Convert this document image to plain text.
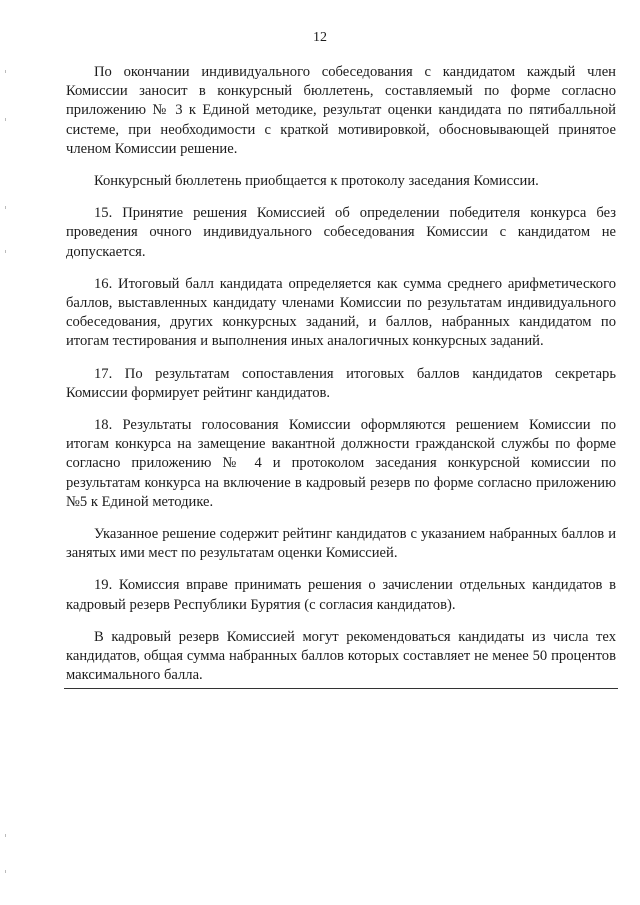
12

По окончании индивидуального собеседования с кандидатом каждый член Комиссии заносит в конкурсный бюллетень, составляемый по форме согласно приложению № 3 к Единой методике, результат оценки кандидата по пятибалльной системе, при необходимости с краткой мотивировкой, обосновывающей принятое членом Комиссии решение.

Конкурсный бюллетень приобщается к протоколу заседания Комиссии.

15. Принятие решения Комиссией об определении победителя конкурса без проведения очного индивидуального собеседования Комиссии с кандидатом не допускается.

16. Итоговый балл кандидата определяется как сумма среднего арифметического баллов, выставленных кандидату членами Комиссии по результатам индивидуального собеседования, других конкурсных заданий, и баллов, набранных кандидатом по итогам тестирования и выполнения иных аналогичных конкурсных заданий.

17. По результатам сопоставления итоговых баллов кандидатов секретарь Комиссии формирует рейтинг кандидатов.

18. Результаты голосования Комиссии оформляются решением Комиссии по итогам конкурса на замещение вакантной должности гражданской службы по форме согласно приложению № 4 и протоколом заседания конкурсной комиссии по результатам конкурса на включение в кадровый резерв по форме согласно приложению №5 к Единой методике.

Указанное решение содержит рейтинг кандидатов с указанием набранных баллов и занятых ими мест по результатам оценки Комиссией.

19. Комиссия вправе принимать решения о зачислении отдельных кандидатов в кадровый резерв Республики Бурятия (с согласия кандидатов).

В кадровый резерв Комиссией могут рекомендоваться кандидаты из числа тех кандидатов, общая сумма набранных баллов которых составляет не менее 50 процентов максимального балла.
